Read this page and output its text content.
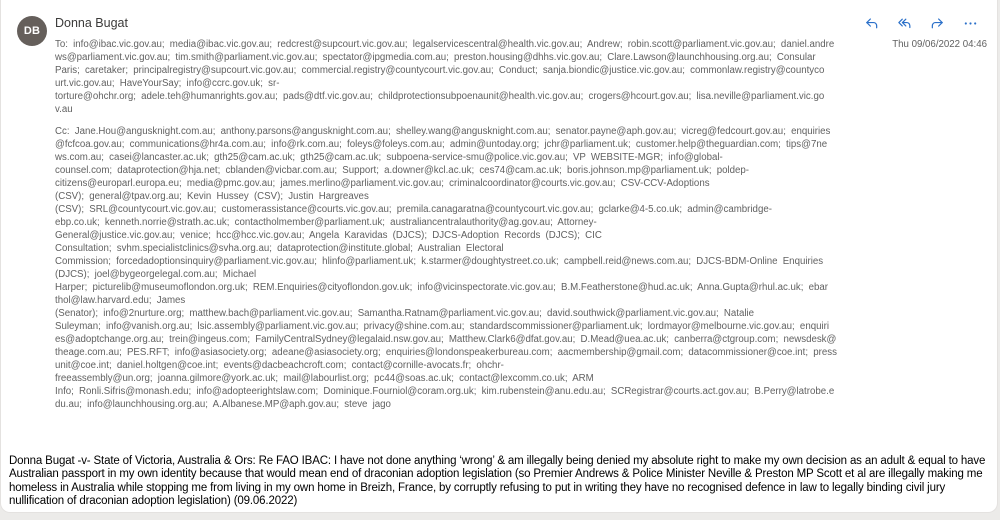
DB
Donna Bugat
To: info@ibac.vic.gov.au; media@ibac.vic.gov.au; redcrest@supcourt.vic.gov.au; legalservicescentral@health.vic.gov.au; Andrew; robin.scott@parliament.vic.gov.au; daniel.andre
ws@parliament.vic.gov.au; tim.smith@parliament.vic.gov.au; spectator@ipgmedia.com.au; preston.housing@dhhs.vic.gov.au; Clare.Lawson@launchhousing.org.au; Consular
Paris; caretaker; principalregistry@supcourt.vic.gov.au; commercial.registry@countycourt.vic.gov.au; Conduct; sanja.biondic@justice.vic.gov.au; commonlaw.registry@countyco
urt.vic.gov.au; HaveYourSay; info@ccrc.gov.uk; sr-
torture@ohchr.org; adele.teh@humanrights.gov.au; pads@dtf.vic.gov.au; childprotectionsubpoenaunit@health.vic.gov.au; crogers@hcourt.gov.au; lisa.neville@parliament.vic.go
v.au
Thu 09/06/2022 04:46
Cc: Jane.Hou@angusknight.com.au; anthony.parsons@angusknight.com.au; shelley.wang@angusknight.com.au; senator.payne@aph.gov.au; vicreg@fedcourt.gov.au; enquiries
@fcfcoa.gov.au; communications@hr4a.com.au; info@rk.com.au; foleys@foleys.com.au; admin@untoday.org; jchr@parliament.uk; customer.help@theguardian.com; tips@7ne
ws.com.au; casei@lancaster.ac.uk; gth25@cam.ac.uk; gth25@cam.ac.uk; subpoena-service-smu@police.vic.gov.au; VP WEBSITE-MGR; info@global-
counsel.com; dataprotection@hja.net; cblanden@vicbar.com.au; Support; a.downer@kcl.ac.uk; ces74@cam.ac.uk; boris.johnson.mp@parliament.uk; poldep-
citizens@europarl.europa.eu; media@pmc.gov.au; james.merlino@parliament.vic.gov.au; criminalcoordinator@courts.vic.gov.au; CSV-CCV-Adoptions
(CSV); general@tpav.org.au; Kevin Hussey (CSV); Justin Hargreaves
(CSV); SRL@countycourt.vic.gov.au; customerassistance@courts.vic.gov.au; premila.canagaratna@countycourt.vic.gov.au; gclarke@4-5.co.uk; admin@cambridge-
ebp.co.uk; kenneth.norrie@strath.ac.uk; contactholmember@parliament.uk; australiancentralauthority@ag.gov.au; Attorney-
General@justice.vic.gov.au; venice; hcc@hcc.vic.gov.au; Angela Karavidas (DJCS); DJCS-Adoption Records (DJCS); CIC
Consultation; svhm.specialistclinics@svha.org.au; dataprotection@institute.global; Australian Electoral
Commission; forcedadoptionsinquiry@parliament.vic.gov.au; hlinfo@parliament.uk; k.starmer@doughtystreet.co.uk; campbell.reid@news.com.au; DJCS-BDM-Online Enquiries
(DJCS); joel@bygeorgelegal.com.au; Michael
Harper; picturelib@museumoflondon.org.uk; REM.Enquiries@cityoflondon.gov.uk; info@vicinspectorate.vic.gov.au; B.M.Featherstone@hud.ac.uk; Anna.Gupta@rhul.ac.uk; ebar
thol@law.harvard.edu; James
(Senator); info@2nurture.org; matthew.bach@parliament.vic.gov.au; Samantha.Ratnam@parliament.vic.gov.au; david.southwick@parliament.vic.gov.au; Natalie
Suleyman; info@vanish.org.au; lsic.assembly@parliament.vic.gov.au; privacy@shine.com.au; standardscommissioner@parliament.uk; lordmayor@melbourne.vic.gov.au; enquiri
es@adoptchange.org.au; trein@ingeus.com; FamilyCentralSydney@legalaid.nsw.gov.au; Matthew.Clark6@dfat.gov.au; D.Mead@uea.ac.uk; canberra@ctgroup.com; newsdesk@
theage.com.au; PES.RFT; info@asiasociety.org; adeane@asiasociety.org; enquiries@londonspeakerbureau.com; aacmembership@gmail.com; datacommissioner@coe.int; press
unit@coe.int; daniel.holtgen@coe.int; events@dacbeachcroft.com; contact@cornille-avocats.fr; ohchr-
freeassembly@un.org; joanna.gilmore@york.ac.uk; mail@labourlist.org; pc44@soas.ac.uk; contact@lexcomm.co.uk; ARM
Info; Ronli.Sifris@monash.edu; info@adopteerightslaw.com; Dominique.Fourniol@coram.org.uk; kim.rubenstein@anu.edu.au; SCRegistrar@courts.act.gov.au; B.Perry@latrobe.e
du.au; info@launchhousing.org.au; A.Albanese.MP@aph.gov.au; steve jago
Donna Bugat -v- State of Victoria, Australia & Ors: Re FAO IBAC: I have not done anything ‘wrong’ & am illegally being denied my absolute right to make my own decision as an adult & equal to have Australian passport in my own identity because that would mean end of draconian adoption legislation (so Premier Andrews & Police Minister Neville & Preston MP Scott et al are illegally making me homeless in Australia while stopping me from living in my own home in Breizh, France, by corruptly refusing to put in writing they have no recognised defence in law to legally binding civil jury nullification of draconian adoption legislation) (09.06.2022)
